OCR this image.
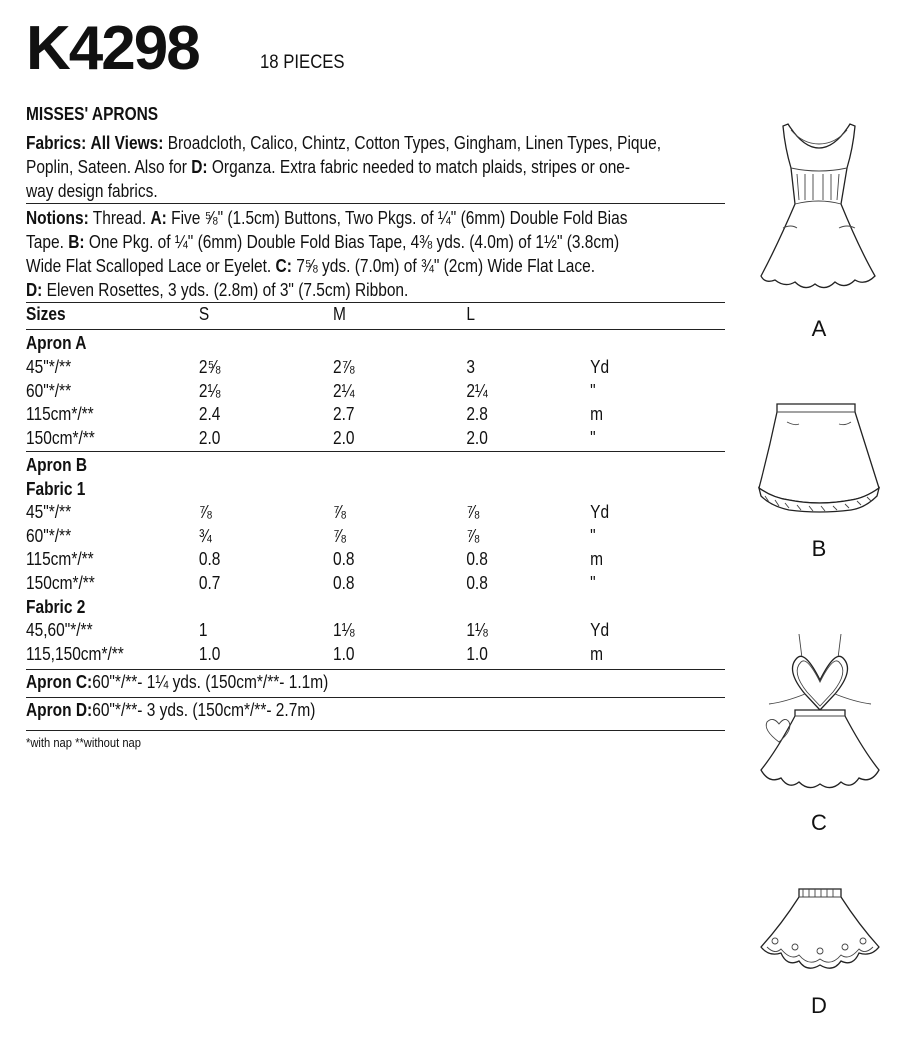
K4298	18 PIECES
MISSES' APRONS
Fabrics: All Views: Broadcloth, Calico, Chintz, Cotton Types, Gingham, Linen Types, Pique,
Poplin, Sateen. Also for D: Organza. Extra fabric needed to match plaids, stripes or one-
way design fabrics.
Notions: Thread. A: Five ⅝" (1.5cm) Buttons, Two Pkgs. of ¼" (6mm) Double Fold Bias
Tape. B: One Pkg. of ¼" (6mm) Double Fold Bias Tape, 4⅜ yds. (4.0m) of 1½" (3.8cm)
Wide Flat Scalloped Lace or Eyelet. C: 7⅝ yds. (7.0m) of ¾" (2cm) Wide Flat Lace.
D: Eleven Rosettes, 3 yds. (2.8m) of 3" (7.5cm) Ribbon.
Sizes	S	M	L
Apron A
45"*/**	2⅝	2⅞	3	Yd
60"*/**	2⅛	2¼	2¼	"
115cm*/**	2.4	2.7	2.8	m
150cm*/**	2.0	2.0	2.0	"
Apron B
Fabric 1
45"*/**	⅞	⅞	⅞	Yd
60"*/**	¾	⅞	⅞	"
115cm*/**	0.8	0.8	0.8	m
150cm*/**	0.7	0.8	0.8	"
Fabric 2
45,60"*/**	1	1⅛	1⅛	Yd
115,150cm*/**	1.0	1.0	1.0	m
Apron C: 60"*/**- 1¼ yds. (150cm*/**- 1.1m)
Apron D: 60"*/**- 3 yds. (150cm*/**- 2.7m)
*with nap **without nap
A
B
C
D
